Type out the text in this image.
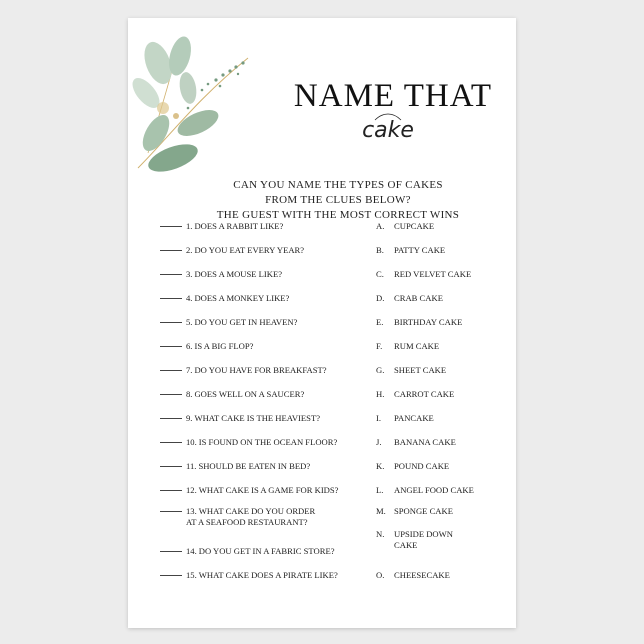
NAME THAT
cake
CAN YOU NAME THE TYPES OF CAKES
FROM THE CLUES BELOW?
THE GUEST WITH THE MOST CORRECT WINS
1. DOES A RABBIT LIKE?
2. DO YOU EAT EVERY YEAR?
3. DOES A MOUSE LIKE?
4. DOES A MONKEY LIKE?
5. DO YOU GET IN HEAVEN?
6. IS A BIG FLOP?
7. DO YOU HAVE FOR BREAKFAST?
8. GOES WELL ON A SAUCER?
9. WHAT CAKE IS THE HEAVIEST?
10. IS FOUND ON THE OCEAN FLOOR?
11. SHOULD BE EATEN IN BED?
12. WHAT CAKE IS A GAME FOR KIDS?
13. WHAT CAKE DO YOU ORDER
AT A SEAFOOD RESTAURANT?
14. DO YOU GET IN A FABRIC STORE?
15. WHAT CAKE DOES A PIRATE LIKE?
A. CUPCAKE
B. PATTY CAKE
C. RED VELVET CAKE
D. CRAB CAKE
E. BIRTHDAY CAKE
F. RUM CAKE
G. SHEET CAKE
H. CARROT CAKE
I. PANCAKE
J. BANANA CAKE
K. POUND CAKE
L. ANGEL FOOD CAKE
M. SPONGE CAKE
N. UPSIDE DOWN
CAKE
O. CHEESECAKE
